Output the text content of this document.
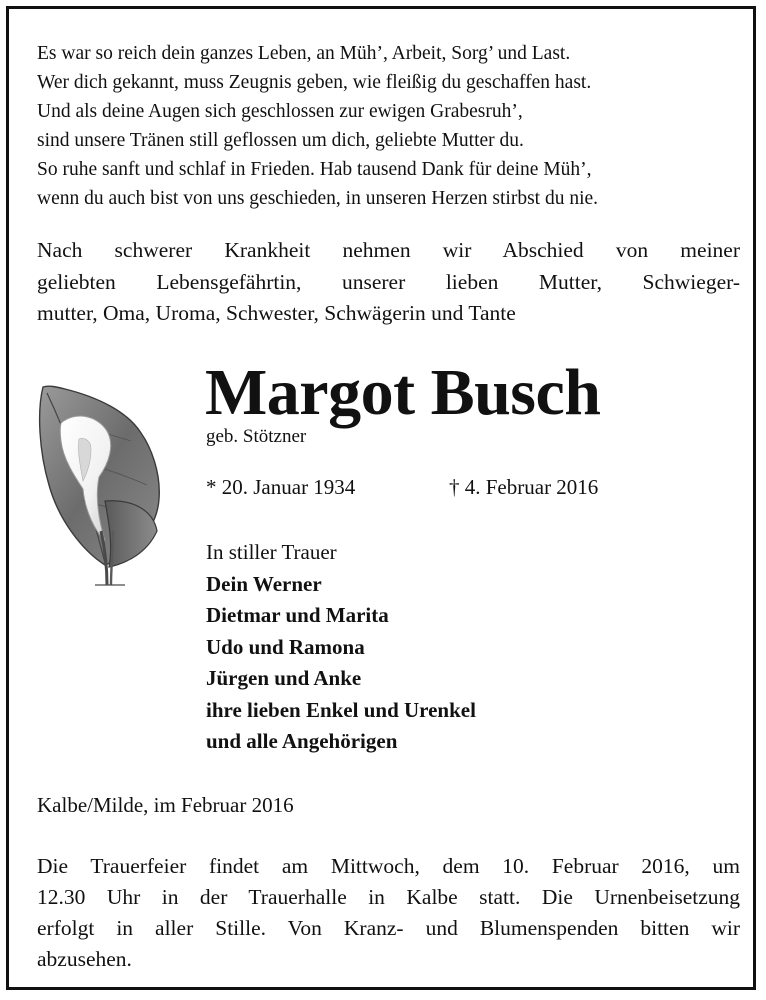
Es war so reich dein ganzes Leben, an Müh’, Arbeit, Sorg’ und Last.
Wer dich gekannt, muss Zeugnis geben, wie fleißig du geschaffen hast.
Und als deine Augen sich geschlossen zur ewigen Grabesruh’,
sind unsere Tränen still geflossen um dich, geliebte Mutter du.
So ruhe sanft und schlaf in Frieden. Hab tausend Dank für deine Müh’,
wenn du auch bist von uns geschieden, in unseren Herzen stirbst du nie.
Nach schwerer Krankheit nehmen wir Abschied von meiner
geliebten Lebensgefährtin, unserer lieben Mutter, Schwieger-
mutter, Oma, Uroma, Schwester, Schwägerin und Tante
Margot Busch
geb. Stötzner
* 20. Januar 1934	† 4. Februar 2016
In stiller Trauer
Dein Werner
Dietmar und Marita
Udo und Ramona
Jürgen und Anke
ihre lieben Enkel und Urenkel
und alle Angehörigen
Kalbe/Milde, im Februar 2016
Die Trauerfeier findet am Mittwoch, dem 10. Februar 2016, um
12.30 Uhr in der Trauerhalle in Kalbe statt. Die Urnenbeisetzung
erfolgt in aller Stille. Von Kranz- und Blumenspenden bitten wir
abzusehen.
